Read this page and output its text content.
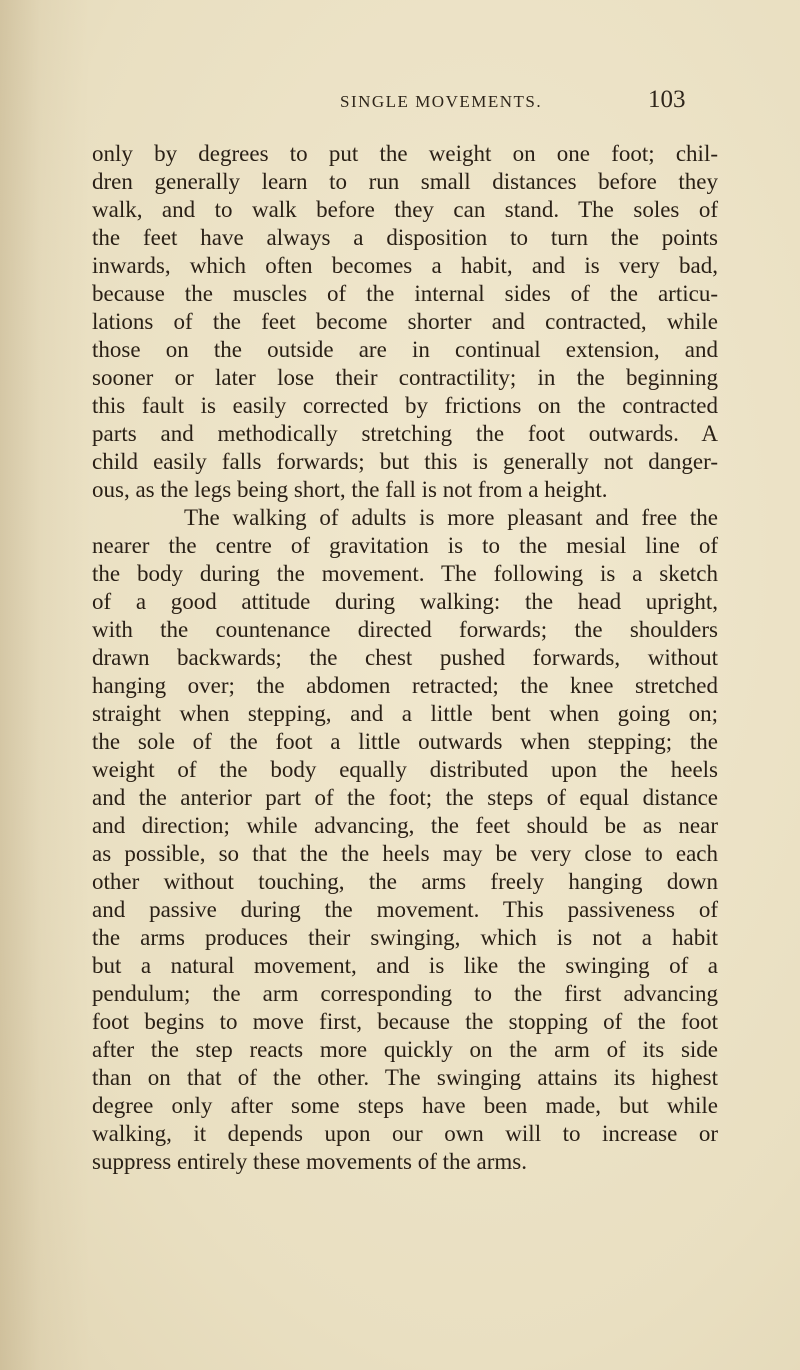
SINGLE MOVEMENTS.	103
only by degrees to put the weight on one foot; chil-
dren generally learn to run small distances before they
walk, and to walk before they can stand. The soles of
the feet have always a disposition to turn the points
inwards, which often becomes a habit, and is very bad,
because the muscles of the internal sides of the articu-
lations of the feet become shorter and contracted, while
those on the outside are in continual extension, and
sooner or later lose their contractility; in the beginning
this fault is easily corrected by frictions on the contracted
parts and methodically stretching the foot outwards. A
child easily falls forwards; but this is generally not danger-
ous, as the legs being short, the fall is not from a height.
The walking of adults is more pleasant and free the
nearer the centre of gravitation is to the mesial line of
the body during the movement. The following is a sketch
of a good attitude during walking: the head upright,
with the countenance directed forwards; the shoulders
drawn backwards; the chest pushed forwards, without
hanging over; the abdomen retracted; the knee stretched
straight when stepping, and a little bent when going on;
the sole of the foot a little outwards when stepping; the
weight of the body equally distributed upon the heels
and the anterior part of the foot; the steps of equal distance
and direction; while advancing, the feet should be as near
as possible, so that the the heels may be very close to each
other without touching, the arms freely hanging down
and passive during the movement. This passiveness of
the arms produces their swinging, which is not a habit
but a natural movement, and is like the swinging of a
pendulum; the arm corresponding to the first advancing
foot begins to move first, because the stopping of the foot
after the step reacts more quickly on the arm of its side
than on that of the other. The swinging attains its highest
degree only after some steps have been made, but while
walking, it depends upon our own will to increase or
suppress entirely these movements of the arms.
